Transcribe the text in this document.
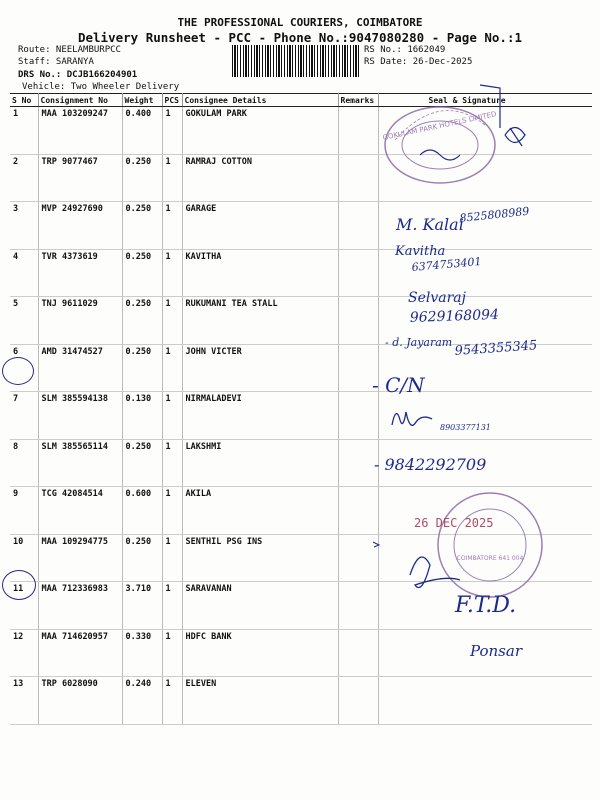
THE PROFESSIONAL COURIERS, COIMBATORE
Delivery Runsheet - PCC - Phone No.:9047080280 - Page No.:1
Route: NEELAMBURPCC
Staff: SARANYA
DRS No.: DCJB166204901
Vehicle: Two Wheeler Delivery
RS No.: 1662049
RS Date: 26-Dec-2025
S No	Consignment No	Weight	PCS	Consignee Details	Remarks	Seal & Signature
1	MAA 103209247	0.400	1	GOKULAM PARK		
2	TRP 9077467	0.250	1	RAMRAJ COTTON		
3	MVP 24927690	0.250	1	GARAGE		
4	TVR 4373619	0.250	1	KAVITHA		
5	TNJ 9611029	0.250	1	RUKUMANI TEA STALL		
6	AMD 31474527	0.250	1	JOHN VICTER		
7	SLM 385594138	0.130	1	NIRMALADEVI		
8	SLM 385565114	0.250	1	LAKSHMI		
9	TCG 42084514	0.600	1	AKILA		
10	MAA 109294775	0.250	1	SENTHIL PSG INS		
11	MAA 712336983	3.710	1	SARAVANAN		
12	MAA 714620957	0.330	1	HDFC BANK		
13	TRP 6028090	0.240	1	ELEVEN		
GOKULAM PARK HOTELS LIMITED
M. Kalai
8525808989
Kavitha
6374753401
Selvaraj
9629168094
- d. Jayaram 9543355345
- C/N
8903377131
- 9842292709
COIMBATORE 641 004
26 DEC 2025
F.T.D.
Ponsar
